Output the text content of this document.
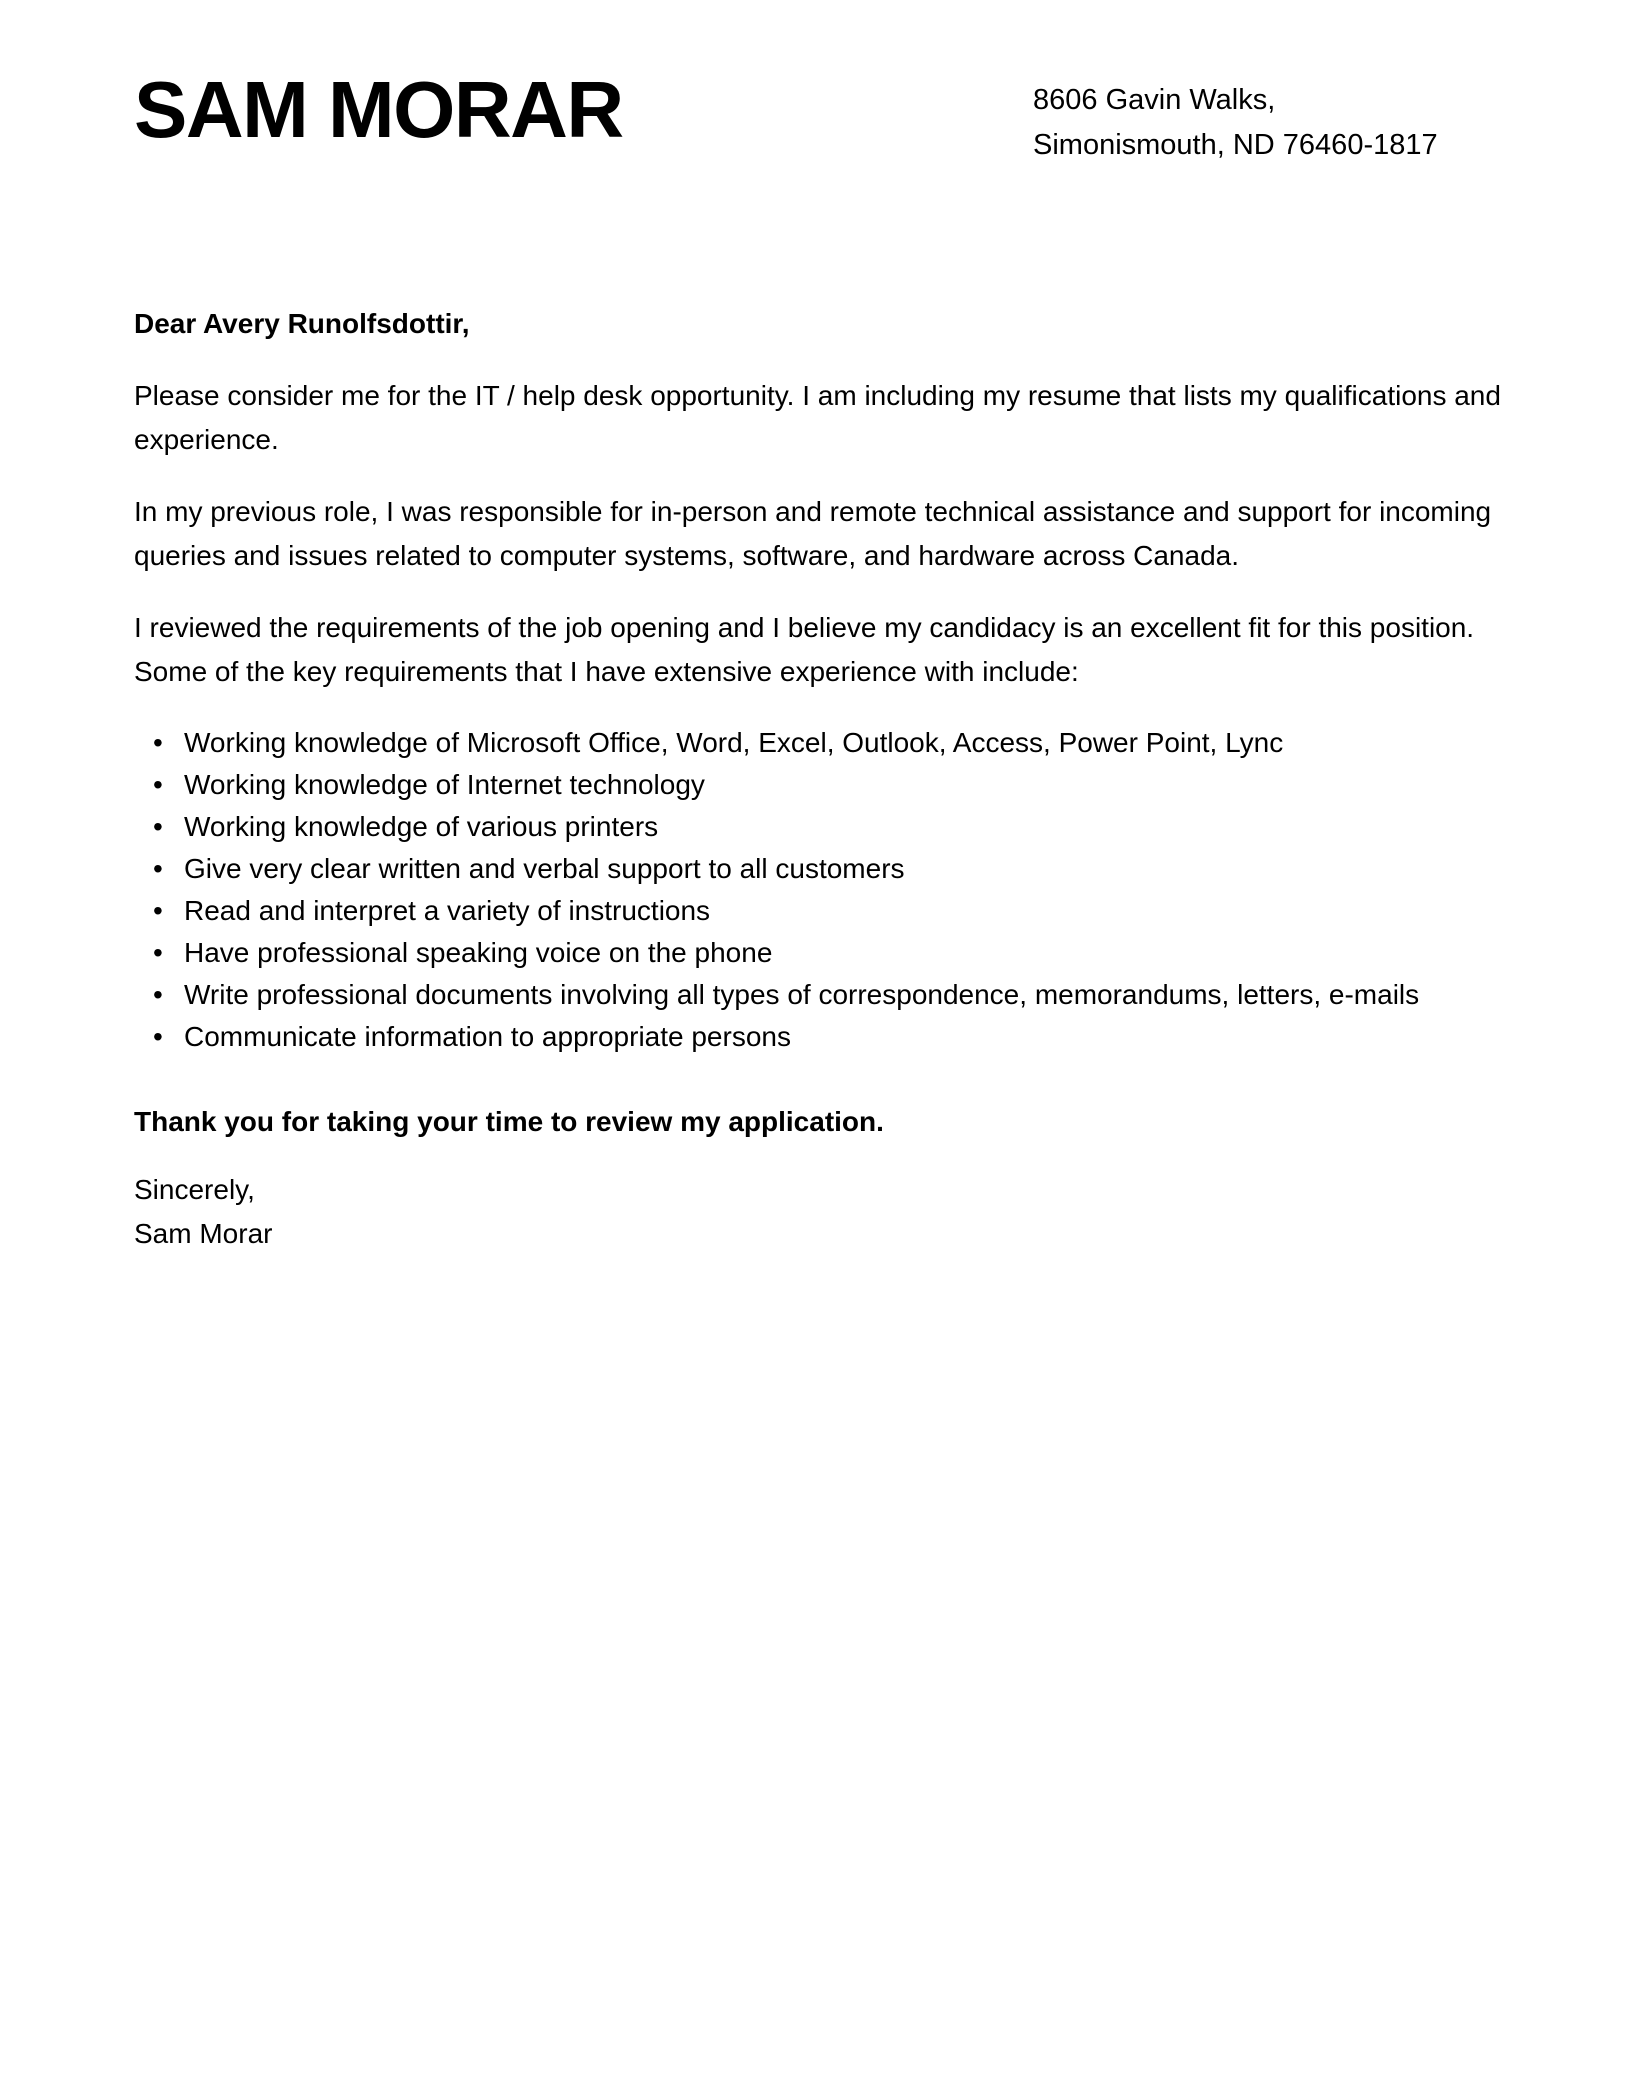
SAM MORAR	8606 Gavin Walks,
Simonismouth, ND 76460-1817
Dear Avery Runolfsdottir,

Please consider me for the IT / help desk opportunity. I am including my resume that lists my qualifications and experience.

In my previous role, I was responsible for in-person and remote technical assistance and support for incoming queries and issues related to computer systems, software, and hardware across Canada.

I reviewed the requirements of the job opening and I believe my candidacy is an excellent fit for this position. Some of the key requirements that I have extensive experience with include:

• Working knowledge of Microsoft Office, Word, Excel, Outlook, Access, Power Point, Lync
• Working knowledge of Internet technology
• Working knowledge of various printers
• Give very clear written and verbal support to all customers
• Read and interpret a variety of instructions
• Have professional speaking voice on the phone
• Write professional documents involving all types of correspondence, memorandums, letters, e-mails
• Communicate information to appropriate persons
Thank you for taking your time to review my application.
Sincerely,
Sam Morar
